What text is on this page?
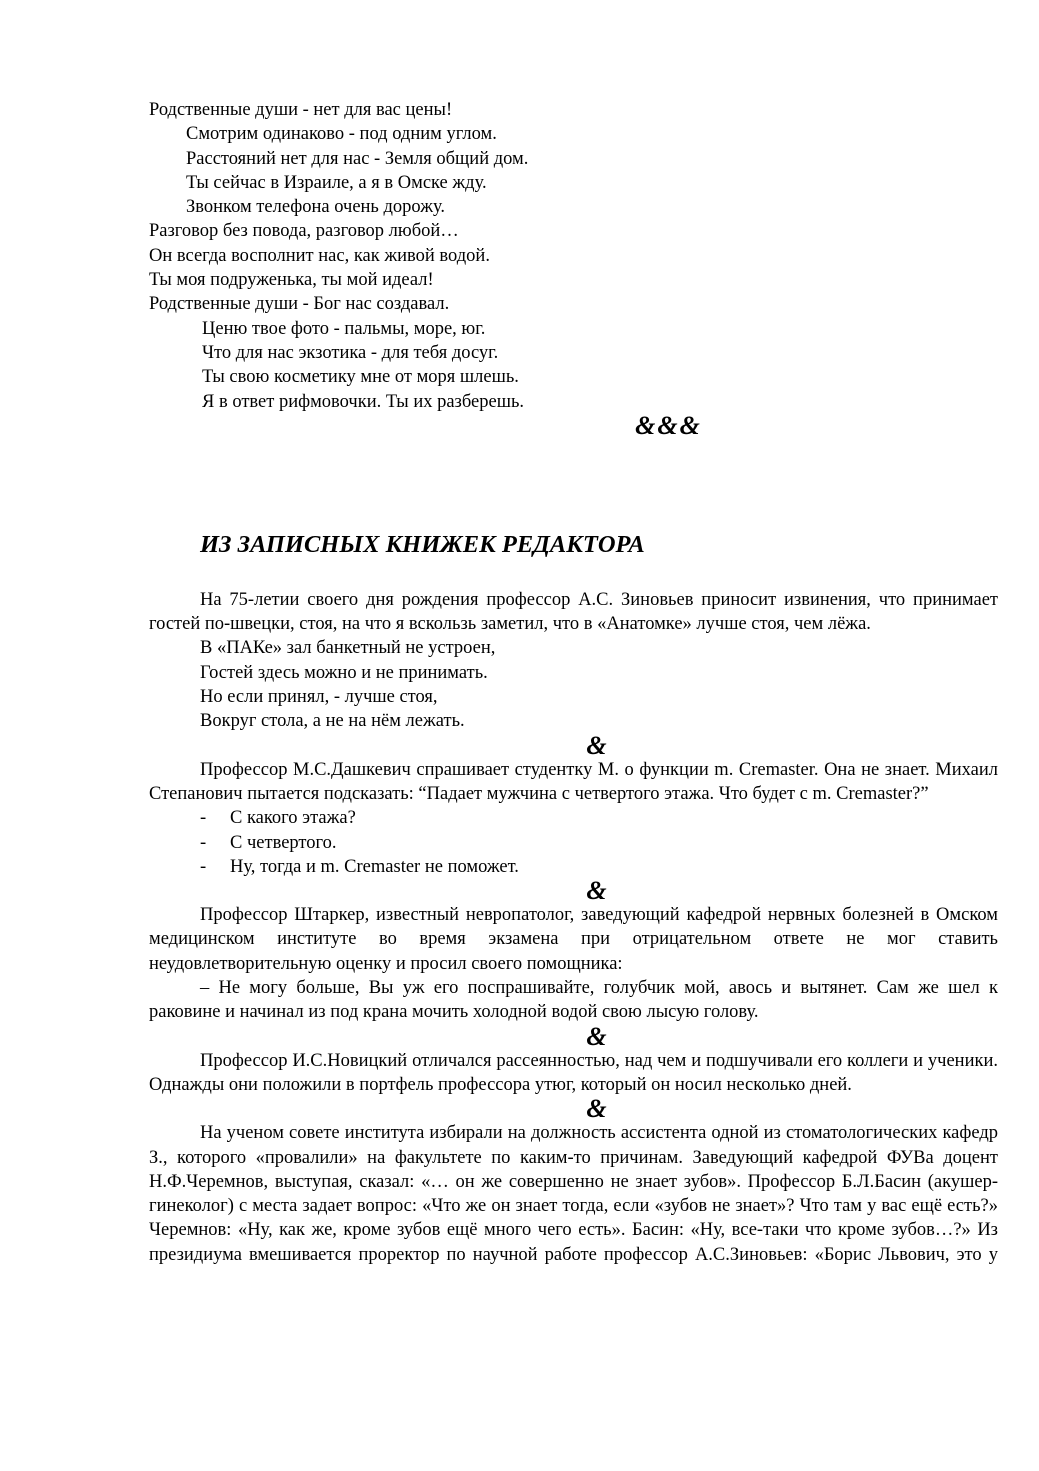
Родственные души - нет для вас цены!
Смотрим одинаково - под одним углом.
Расстояний нет для нас - Земля общий дом.
Ты сейчас в Израиле, а я в Омске жду.
Звонком телефона очень дорожу.
Разговор без повода, разговор любой…
Он всегда восполнит нас, как живой водой.
Ты моя подруженька, ты мой идеал!
Родственные души - Бог нас создавал.
Ценю твое фото - пальмы, море, юг.
Что для нас экзотика - для тебя досуг.
Ты свою косметику мне от моря шлешь.
Я в ответ рифмовочки. Ты их разберешь.
&&&
ИЗ ЗАПИСНЫХ КНИЖЕК РЕДАКТОРА
На 75-летии своего дня рождения профессор А.С. Зиновьев приносит извинения, что принимает гостей по-швецки, стоя, на что я вскользь заметил, что в «Анатомке» лучше стоя, чем лёжа.
В «ПАКе» зал банкетный не устроен,
Гостей здесь можно и не принимать.
Но если принял, - лучше стоя,
Вокруг стола, а не на нём лежать.
&
Профессор М.С.Дашкевич спрашивает студентку М. о функции m. Cremaster. Она не знает. Михаил Степанович пытается подсказать: “Падает мужчина с четвертого этажа. Что будет с m. Cremaster?”
- С какого этажа?
- С четвертого.
- Ну, тогда и m. Cremaster не поможет.
&
Профессор Штаркер, известный невропатолог, заведующий кафедрой нервных болезней в Омском медицинском институте во время экзамена при отрицательном ответе не мог ставить неудовлетворительную оценку и просил своего помощника:
– Не могу больше, Вы уж его поспрашивайте, голубчик мой, авось и вытянет. Сам же шел к раковине и начинал из под крана мочить холодной водой свою лысую голову.
&
Профессор И.С.Новицкий отличался рассеянностью, над чем и подшучивали его коллеги и ученики. Однажды они положили в портфель профессора утюг, который он носил несколько дней.
&
На ученом совете института избирали на должность ассистента одной из стоматологических кафедр З., которого «провалили» на факультете по каким-то причинам. Заведующий кафедрой ФУВа доцент Н.Ф.Черемнов, выступая, сказал: «… он же совершенно не знает зубов». Профессор Б.Л.Басин (акушер-гинеколог) с места задает вопрос: «Что же он знает тогда, если «зубов не знает»? Что там у вас ещё есть?» Черемнов: «Ну, как же, кроме зубов ещё много чего есть». Басин: «Ну, все-таки что кроме зубов…?» Из президиума вмешивается проректор по научной работе профессор А.С.Зиновьев: «Борис Львович, это у
